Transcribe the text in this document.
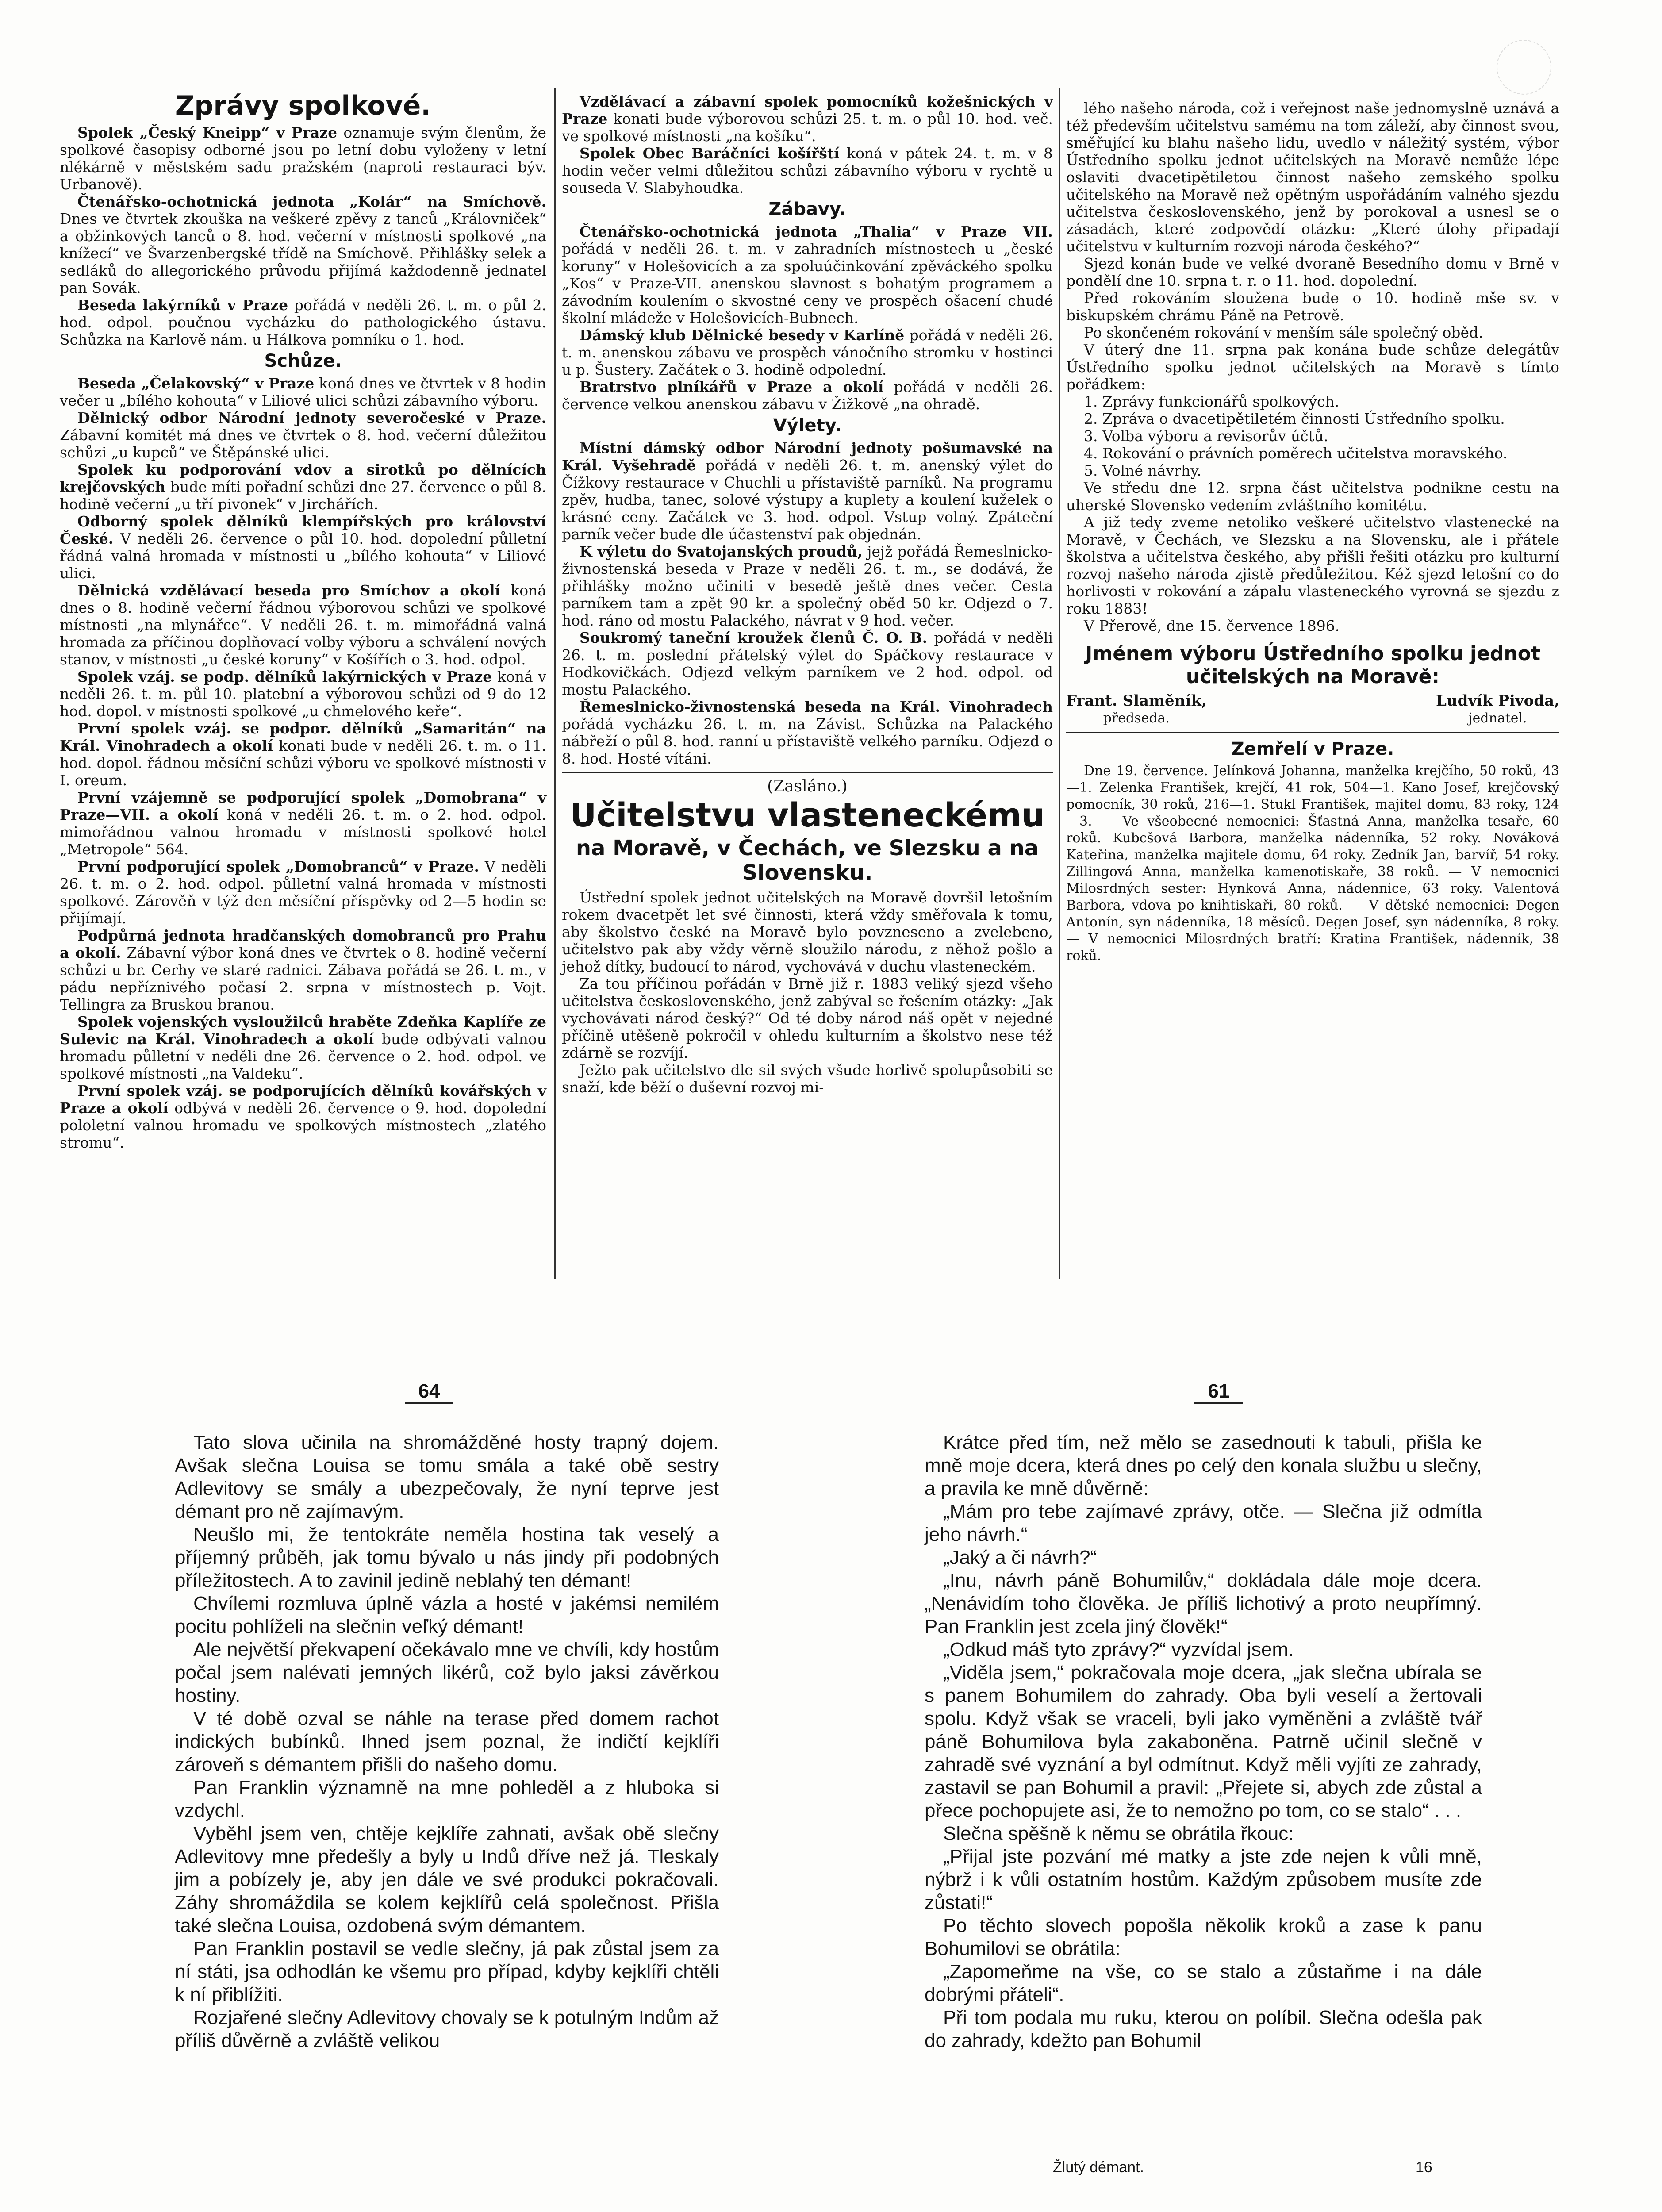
Zprávy spolkové.

Spolek „Český Kneipp“ v Praze oznamuje svým členům, že spolkové časopisy odborné jsou po letní dobu vyloženy v letní nlékárně v městském sadu pražském (naproti restauraci býv. Urbanově).

Čtenářsko-ochotnická jednota „Kolár“ na Smíchově. Dnes ve čtvrtek zkouška na veškeré zpěvy z tanců „Královniček“ a obžinkových tanců o 8. hod. večerní v místnosti spolkové „na knížecí“ ve Švarzenbergské třídě na Smíchově. Přihlášky selek a sedláků do allegorického průvodu přijímá každodenně jednatel pan Sovák.

Beseda lakýrníků v Praze pořádá v neděli 26. t. m. o půl 2. hod. odpol. poučnou vycházku do pathologického ústavu. Schůzka na Karlově nám. u Hálkova pomníku o 1. hod.

Schůze.

Beseda „Čelakovský“ v Praze koná dnes ve čtvrtek v 8 hodin večer u „bílého kohouta“ v Liliové ulici schůzi zábavního výboru.

Dělnický odbor Národní jednoty severočeské v Praze. Zábavní komitét má dnes ve čtvrtek o 8. hod. večerní důležitou schůzi „u kupců“ ve Štěpánské ulici.

Spolek ku podporování vdov a sirotků po dělnících krejčovských bude míti pořadní schůzi dne 27. července o půl 8. hodině večerní „u tří pivonek“ v Jirchářích.

Odborný spolek dělníků klempířských pro království České. V neděli 26. července o půl 10. hod. dopolední půlletní řádná valná hromada v místnosti u „bílého kohouta“ v Liliové ulici.

Dělnická vzdělávací beseda pro Smíchov a okolí koná dnes o 8. hodině večerní řádnou výborovou schůzi ve spolkové místnosti „na mlynářce“. V neděli 26. t. m. mimořádná valná hromada za příčinou doplňovací volby výboru a schválení nových stanov, v místnosti „u české koruny“ v Košířích o 3. hod. odpol.

Spolek vzáj. se podp. dělníků lakýrnických v Praze koná v neděli 26. t. m. půl 10. platební a výborovou schůzi od 9 do 12 hod. dopol. v místnosti spolkové „u chmelového keře“.

První spolek vzáj. se podpor. dělníků „Samaritán“ na Král. Vinohradech a okolí konati bude v neděli 26. t. m. o 11. hod. dopol. řádnou měsíční schůzi výboru ve spolkové místnosti v I. oreum.

První vzájemně se podporující spolek „Domobrana“ v Praze—VII. a okolí koná v neděli 26. t. m. o 2. hod. odpol. mimořádnou valnou hromadu v místnosti spolkové hotel „Metropole“ 564.

První podporující spolek „Domobranců“ v Praze. V neděli 26. t. m. o 2. hod. odpol. půlletní valná hromada v místnosti spolkové. Zárověň v týž den měsíční příspěvky od 2—5 hodin se přijímají.

Podpůrná jednota hradčanských domobranců pro Prahu a okolí. Zábavní výbor koná dnes ve čtvrtek o 8. hodině večerní schůzi u br. Cerhy ve staré radnici. Zábava pořádá se 26. t. m., v pádu nepříznivého počasí 2. srpna v místnostech p. Vojt. Tellingra za Bruskou branou.

Spolek vojenských vysloužilců hraběte Zdeňka Kaplíře ze Sulevic na Král. Vinohradech a okolí bude odbývati valnou hromadu půlletní v neděli dne 26. července o 2. hod. odpol. ve spolkové místnosti „na Valdeku“.

První spolek vzáj. se podporujících dělníků kovářských v Praze a okolí odbývá v neděli 26. července o 9. hod. dopolední pololetní valnou hromadu ve spolkových místnostech „zlatého stromu“.

Vzdělávací a zábavní spolek pomocníků kožešnických v Praze konati bude výborovou schůzi 25. t. m. o půl 10. hod. več. ve spolkové místnosti „na košíku“.

Spolek Obec Baráčníci košířští koná v pátek 24. t. m. v 8 hodin večer velmi důležitou schůzi zábavního výboru v rychtě u sousedа V. Slabyhoudka.

Zábavy.

Čtenářsko-ochotnická jednota „Thalia“ v Praze VII. pořádá v neděli 26. t. m. v zahradních místnostech u „české koruny“ v Holešovicích a za spoluúčinkování zpěváckého spolku „Kos“ v Praze-VII. anenskou slavnost s bohatým programem a závodním koulením o skvostné ceny ve prospěch ošacení chudé školní mládeže v Holešovicích-Bubnech.

Dámský klub Dělnické besedy v Karlíně pořádá v neděli 26. t. m. anenskou zábavu ve prospěch vánočního stromku v hostinci u p. Šustery. Začátek o 3. hodině odpolední.

Bratrstvo plníkářů v Praze a okolí pořádá v neděli 26. července velkou anenskou zábavu v Žižkově „na ohradě.

Výlety.

Místní dámský odbor Národní jednoty pošumavské na Král. Vyšehradě pořádá v neděli 26. t. m. anenský výlet do Čížkovy restaurace v Chuchli u přístaviště parníků. Na programu zpěv, hudba, tanec, solové výstupy a kuplety a koulení kuželek o krásné ceny. Začátek ve 3. hod. odpol. Vstup volný. Zpáteční parník večer bude dle účastenství pak objednán.

K výletu do Svatojanských proudů, jejž pořádá Řemeslnicko-živnostenská beseda v Praze v neděli 26. t. m., se dodává, že přihlášky možno učiniti v besedě ještě dnes večer. Cesta parníkem tam a zpět 90 kr. a společný oběd 50 kr. Odjezd o 7. hod. ráno od mostu Palackého, návrat v 9 hod. večer.

Soukromý taneční kroužek členů Č. O. B. pořádá v neděli 26. t. m. poslední přátelský výlet do Spáčkovy restaurace v Hodkovičkách. Odjezd velkým parníkem ve 2 hod. odpol. od mostu Palackého.

Řemeslnicko-živnostenská beseda na Král. Vinohradech pořádá vycházku 26. t. m. na Závist. Schůzka na Palackého nábřeží o půl 8. hod. ranní u přístaviště velkého parníku. Odjezd o 8. hod. Hosté vítáni.

(Zasláno.)
Učitelstvu vlasteneckému
na Moravě, v Čechách, ve Slezsku a na Slovensku.

Ústřední spolek jednot učitelských na Moravě dovršil letošním rokem dvacetpět let své činnosti, která vždy směřovala k tomu, aby školstvo české na Moravě bylo povzneseno a zvelebeno, učitelstvo pak aby vždy věrně sloužilo národu, z něhož pošlo a jehož dítky, budoucí to národ, vychovává v duchu vlasteneckém.

Za tou příčinou pořádán v Brně již r. 1883 veliký sjezd všeho učitelstva československého, jenž zabýval se řešením otázky: „Jak vychovávati národ český?“ Od té doby národ náš opět v nejedné příčině utěšeně pokročil v ohledu kulturním a školstvo nese též zdárně se rozvíjí.

Ježto pak učitelstvo dle sil svých všude horlivě spolupůsobiti se snaží, kde běží o duševní rozvoj mi-

lého našeho národa, což i veřejnost naše jednomyslně uznává a též především učitelstvu samému na tom záleží, aby činnost svou, směřující ku blahu našeho lidu, uvedlo v náležitý systém, výbor Ústředního spolku jednot učitelských na Moravě nemůže lépe oslaviti dvacetipětiletou činnost našeho zemského spolku učitelského na Moravě než opětným uspořádáním valného sjezdu učitelstva československého, jenž by porokoval a usnesl se o zásadách, které zodpovědí otázku: „Které úlohy připadají učitelstvu v kulturním rozvoji národa českého?“

Sjezd konán bude ve velké dvoraně Besedního domu v Brně v pondělí dne 10. srpna t. r. o 11. hod. dopolední.

Před rokováním sloužena bude o 10. hodině mše sv. v biskupském chrámu Páně na Petrově.

Po skončeném rokování v menším sále společný oběd.

V úterý dne 11. srpna pak konána bude schůze delegátův Ústředního spolku jednot učitelských na Moravě s tímto pořádkem:

1. Zprávy funkcionářů spolkových.

2. Zpráva o dvacetipětiletém činnosti Ústředního spolku.

3. Volba výboru a revisorův účtů.

4. Rokování o právních poměrech učitelstva moravského.

5. Volné návrhy.

Ve středu dne 12. srpna část učitelstva podnikne cestu na uherské Slovensko vedením zvláštního komitétu.

A již tedy zveme netoliko veškeré učitelstvo vlastenecké na Moravě, v Čechách, ve Slezsku a na Slovensku, ale i přátele školstva a učitelstva českého, aby přišli řešiti otázku pro kulturní rozvoj našeho národa zjistě předůležitou. Kéž sjezd letošní co do horlivosti v rokování a zápalu vlasteneckého vyrovná se sjezdu z roku 1883!

V Přerově, dne 15. července 1896.

Jménem výboru Ústředního spolku jednot učitelských na Moravě:
Frant. Slaměník,
předseda.
Ludvík Pivoda,
jednatel.
Zemřelí v Praze.
Dne 19. července. Jelínková Johanna, manželka krejčího, 50 roků, 43—1. Zelenka František, krejčí, 41 rok, 504—1. Kano Josef, krejčovský pomocník, 30 roků, 216—1. Stukl František, majitel domu, 83 roky, 124—3. — Ve všeobecné nemocnici: Šťastná Anna, manželka tesaře, 60 roků. Kubcšová Barbora, manželka nádenníka, 52 roky. Nováková Kateřina, manželka majitele domu, 64 roky. Zedník Jan, barvíř, 54 roky. Zillingová Anna, manželka kamenotiskaře, 38 roků. — V nemocnici Milosrdných sester: Hynková Anna, nádennice, 63 roky. Valentová Barbora, vdova po knihtiskaři, 80 roků. — V dětské nemocnici: Degen Antonín, syn nádenníka, 18 měsíců. Degen Josef, syn nádenníka, 8 roky. — V nemocnici Milosrdných bratří: Kratina František, nádenník, 38 roků.
64	61

Tato slova učinila na shromážděné hosty trapný dojem. Avšak slečna Louisa se tomu smála a také obě sestry Adlevitovy se smály a ubezpečovaly, že nyní teprve jest démant pro ně zajímavým.

Neušlo mi, že tentokráte neměla hostina tak veselý a příjemný průběh, jak tomu bývalo u nás jindy při podobných příležitostech. A to zavinil jedině neblahý ten démant!

Chvílemi rozmluva úplně vázla a hosté v jakémsi nemilém pocitu pohlíželi na slečnin veľký démant!

Ale největší překvapení očekávalo mne ve chvíli, kdy hostům počal jsem nalévati jemných likérů, což bylo jaksi závěrkou hostiny.

V té době ozval se náhle na terase před domem rachot indických bubínků. Ihned jsem poznal, že indičtí kejklíři zároveň s démantem přišli do našeho domu.

Pan Franklin významně na mne pohleděl a z hluboka si vzdychl.

Vyběhl jsem ven, chtěje kejklíře zahnati, avšak obě slečny Adlevitovy mne předešly a byly u Indů dříve než já. Tleskaly jim a pobízely je, aby jen dále ve své produkci pokračovali. Záhy shromáždila se kolem kejklířů celá společnost. Přišla také slečna Louisa, ozdobená svým démantem.

Pan Franklin postavil se vedle slečny, já pak zůstal jsem za ní státi, jsa odhodlán ke všemu pro případ, kdyby kejklíři chtěli k ní přiblížiti.

Rozjařené slečny Adlevitovy chovaly se k potulným Indům až příliš důvěrně a zvláště velikou

Krátce před tím, než mělo se zasednouti k tabuli, přišla ke mně moje dcera, která dnes po celý den konala službu u slečny, a pravila ke mně důvěrně:

„Mám pro tebe zajímavé zprávy, otče. — Slečna již odmítla jeho návrh.“

„Jaký a či návrh?“

„Inu, návrh páně Bohumilův,“ dokládala dále moje dcera. „Nenávidím toho člověka. Je příliš lichotivý a proto neupřímný. Pan Franklin jest zcela jiný člověk!“

„Odkud máš tyto zprávy?“ vyzvídal jsem.

„Viděla jsem,“ pokračovala moje dcera, „jak slečna ubírala se s panem Bohumilem do zahrady. Oba byli veselí a žertovali spolu. Když však se vraceli, byli jako vyměněni a zvláště tvář páně Bohumilova byla zakaboněna. Patrně učinil slečně v zahradě své vyznání a byl odmítnut. Když měli vyjíti ze zahrady, zastavil se pan Bohumil a pravil: „Přejete si, abych zde zůstal a přece pochopujete asi, že to nemožno po tom, co se stalo“ . . .

Slečna spěšně k němu se obrátila řkouc:

„Přijal jste pozvání mé matky a jste zde nejen k vůli mně, nýbrž i k vůli ostatním hostům. Každým způsobem musíte zde zůstati!“

Po těchto slovech popošla několik kroků a zase k panu Bohumilovi se obrátila:

„Zapomeňme na vše, co se stalo a zůstaňme i na dále dobrými přáteli“.

Při tom podala mu ruku, kterou on políbil. Slečna odešla pak do zahrady, kdežto pan Bohumil

Žlutý démant.	16
